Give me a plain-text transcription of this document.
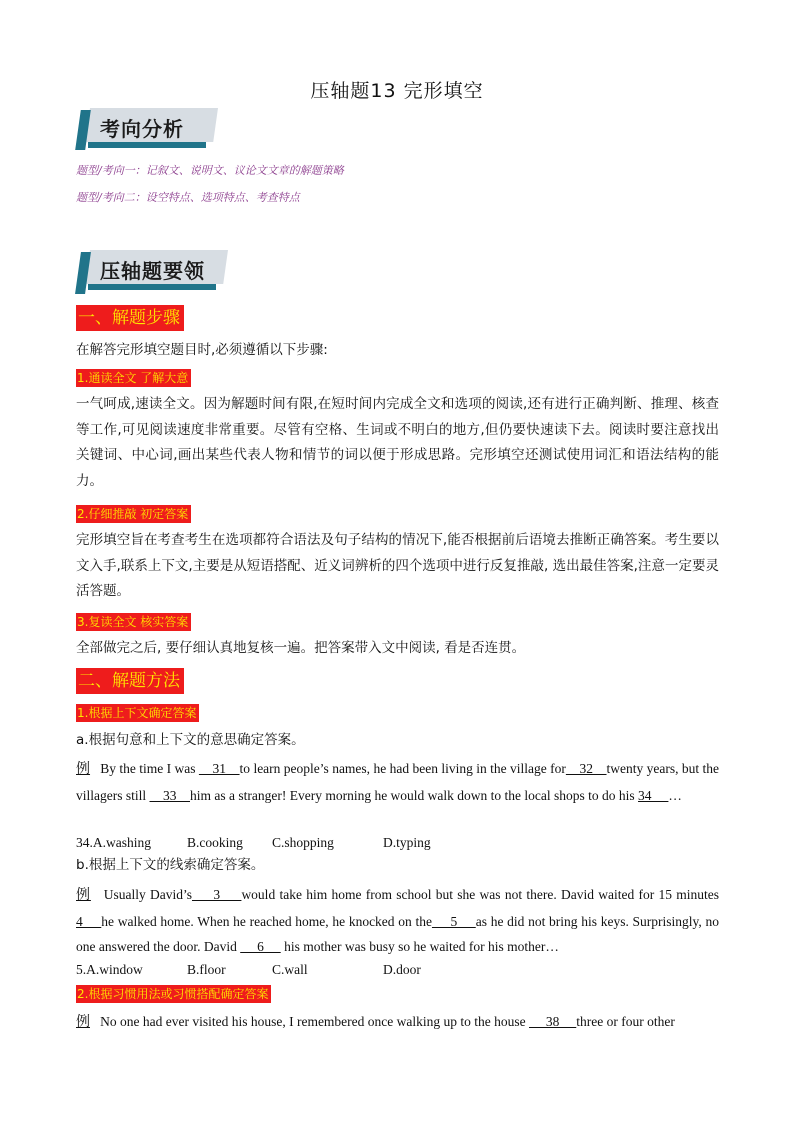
压轴题13 完形填空
考向分析
题型/考向一：记叙文、说明文、议论文文章的解题策略
题型/考向二：设空特点、选项特点、考查特点
压轴题要领
一、解题步骤
在解答完形填空题目时,必须遵循以下步骤:
1.通读全文 了解大意
一气呵成,速读全文。因为解题时间有限,在短时间内完成全文和选项的阅读,还有进行正确判断、推理、核查等工作,可见阅读速度非常重要。尽管有空格、生词或不明白的地方,但仍要快速读下去。阅读时要注意找出关键词、中心词,画出某些代表人物和情节的词以便于形成思路。完形填空还测试使用词汇和语法结构的能力。
2.仔细推敲 初定答案
完形填空旨在考查考生在选项都符合语法及句子结构的情况下,能否根据前后语境去推断正确答案。考生要以文入手,联系上下文,主要是从短语搭配、近义词辨析的四个选项中进行反复推敲, 选出最佳答案,注意一定要灵活答题。
3.复读全文 核实答案
全部做完之后, 要仔细认真地复核一遍。把答案带入文中阅读, 看是否连贯。
二、解题方法
1.根据上下文确定答案
a.根据句意和上下文的意思确定答案。
例 By the time I was     31    to learn people’s names, he had been living in the village for    32    twenty years, but the villagers still     33    him as a stranger! Every morning he would walk down to the local shops to do his 34     …
34.A.washing	B.cooking C.shopping	D.typing
b.根据上下文的线索确定答案。
例 Usually David’s     3     would take him home from school but she was not there. David waited for 15 minutes 4     he walked home. When he reached home, he knocked on the     5     as he did not bring his keys. Surprisingly, no one answered the door. David      6      his mother was busy so he waited for his mother…
5.A.window	B.floor	C.wall	D.door
2.根据习惯用法或习惯搭配确定答案
例 No one had ever visited his house, I remembered once walking up to the house      38     three or four other
